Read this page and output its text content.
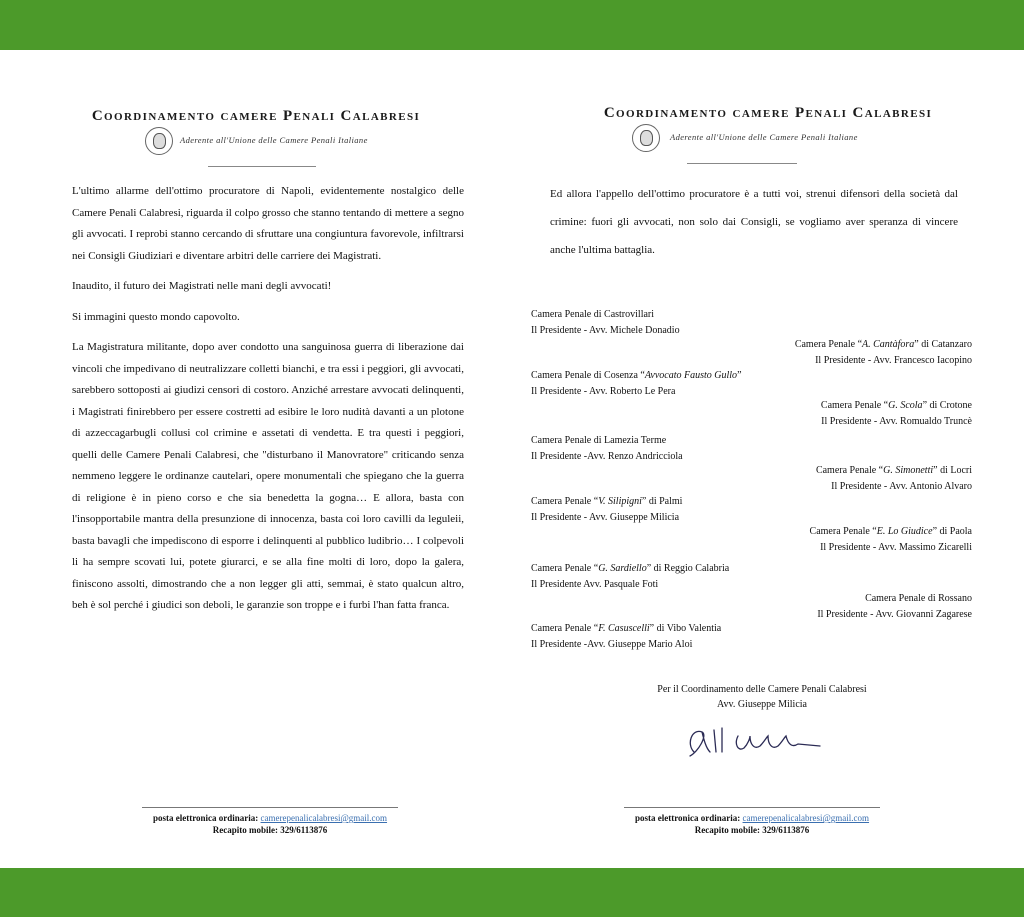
Coordinamento camere Penali Calabresi
Aderente all'Unione delle Camere Penali Italiane

L'ultimo allarme dell'ottimo procuratore di Napoli, evidentemente nostalgico delle Camere Penali Calabresi, riguarda il colpo grosso che stanno tentando di mettere a segno gli avvocati. I reprobi stanno cercando di sfruttare una congiuntura favorevole, infiltrarsi nei Consigli Giudiziari e diventare arbitri delle carriere dei Magistrati.

Inaudito, il futuro dei Magistrati nelle mani degli avvocati!

Si immagini questo mondo capovolto.

La Magistratura militante, dopo aver condotto una sanguinosa guerra di liberazione dai vincoli che impedivano di neutralizzare colletti bianchi, e tra essi i peggiori, gli avvocati, sarebbero sottoposti ai giudizi censori di costoro. Anziché arrestare avvocati delinquenti, i Magistrati finirebbero per essere costretti ad esibire le loro nudità davanti a un plotone di azzeccagarbugli collusi col crimine e assetati di vendetta. E tra questi i peggiori, quelli delle Camere Penali Calabresi, che "disturbano il Manovratore" criticando senza nemmeno leggere le ordinanze cautelari, opere monumentali che spiegano che la guerra di religione è in pieno corso e che sia benedetta la gogna… E allora, basta con l'insopportabile mantra della presunzione di innocenza, basta coi loro cavilli da leguleii, basta bavagli che impediscono di esporre i delinquenti al pubblico ludibrio… I colpevoli li ha sempre scovati lui, potete giurarci, e se alla fine molti di loro, dopo la galera, finiscono assolti, dimostrando che a non legger gli atti, semmai, è stato qualcun altro, beh è sol perché i giudici son deboli, le garanzie son troppe e i furbi l'han fatta franca.

posta elettronica ordinaria: camerepenalicalabresi@gmail.com
Recapito mobile: 329/6113876
Coordinamento camere Penali Calabresi
Aderente all'Unione delle Camere Penali Italiane
Ed allora l'appello dell'ottimo procuratore è a tutti voi, strenui difensori della società dal crimine: fuori gli avvocati, non solo dai Consigli, se vogliamo aver speranza di vincere anche l'ultima battaglia.
Camera Penale di Castrovillari
Il Presidente - Avv. Michele Donadio
Camera Penale “A. Cantàfora” di Catanzaro
Il Presidente - Avv. Francesco Iacopino
Camera Penale di Cosenza “Avvocato Fausto Gullo”
Il Presidente - Avv. Roberto Le Pera
Camera Penale “G. Scola” di Crotone
Il Presidente - Avv. Romualdo Truncè
Camera Penale di Lamezia Terme
Il Presidente -Avv. Renzo Andricciola
Camera Penale “G. Simonetti” di Locri
Il Presidente - Avv. Antonio Alvaro
Camera Penale “V. Silipigni” di Palmi
Il Presidente - Avv. Giuseppe Milicia
Camera Penale “E. Lo Giudice” di Paola
Il Presidente - Avv. Massimo Zicarelli
Camera Penale “G. Sardiello” di Reggio Calabria
Il Presidente Avv. Pasquale Foti
Camera Penale di Rossano
Il Presidente - Avv. Giovanni Zagarese
Camera Penale “F. Casuscelli” di Vibo Valentia
Il Presidente -Avv. Giuseppe Mario Aloi
Per il Coordinamento delle Camere Penali Calabresi
Avv. Giuseppe Milicia
posta elettronica ordinaria: camerepenalicalabresi@gmail.com
Recapito mobile: 329/6113876
